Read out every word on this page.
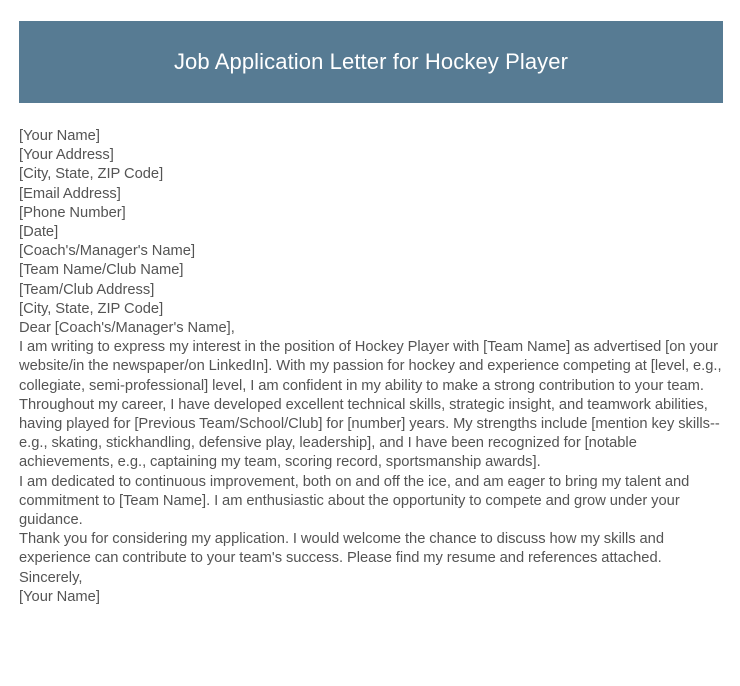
Job Application Letter for Hockey Player
[Your Name]
[Your Address]
[City, State, ZIP Code]
[Email Address]
[Phone Number]
[Date]
[Coach's/Manager's Name]
[Team Name/Club Name]
[Team/Club Address]
[City, State, ZIP Code]
Dear [Coach's/Manager's Name],
I am writing to express my interest in the position of Hockey Player with [Team Name] as advertised [on your website/in the newspaper/on LinkedIn]. With my passion for hockey and experience competing at [level, e.g., collegiate, semi-professional] level, I am confident in my ability to make a strong contribution to your team.
Throughout my career, I have developed excellent technical skills, strategic insight, and teamwork abilities, having played for [Previous Team/School/Club] for [number] years. My strengths include [mention key skills--e.g., skating, stickhandling, defensive play, leadership], and I have been recognized for [notable achievements, e.g., captaining my team, scoring record, sportsmanship awards].
I am dedicated to continuous improvement, both on and off the ice, and am eager to bring my talent and commitment to [Team Name]. I am enthusiastic about the opportunity to compete and grow under your guidance.
Thank you for considering my application. I would welcome the chance to discuss how my skills and experience can contribute to your team's success. Please find my resume and references attached.
Sincerely,
[Your Name]
